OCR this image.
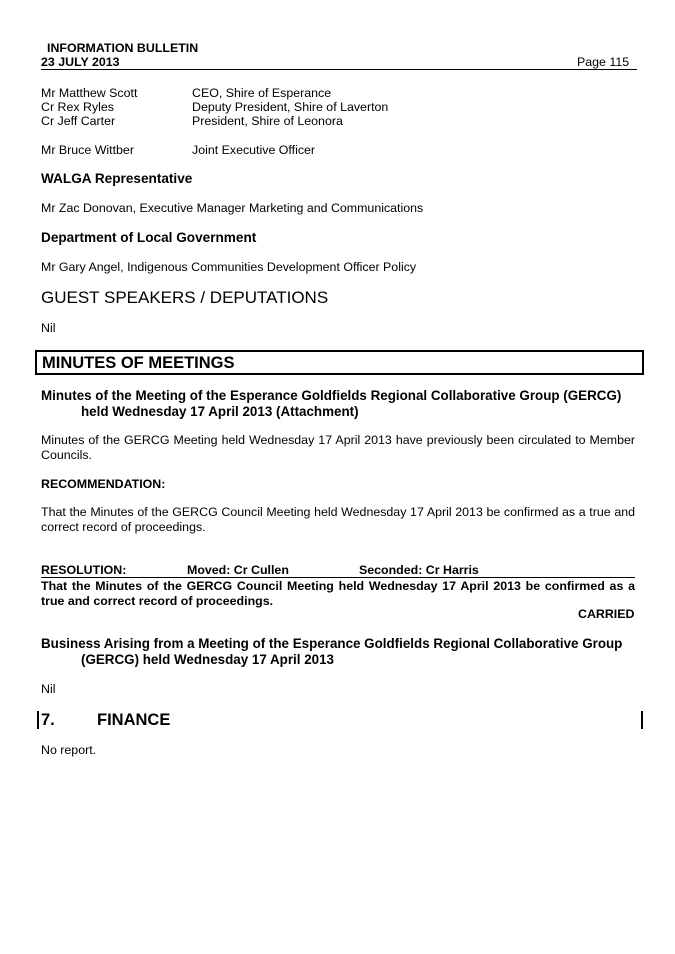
INFORMATION BULLETIN
23 JULY 2013	Page 115
Mr Matthew Scott	CEO, Shire of Esperance
Cr Rex Ryles	Deputy President, Shire of Laverton
Cr Jeff Carter	President, Shire of Leonora
Mr Bruce Wittber	Joint Executive Officer
WALGA Representative
Mr Zac Donovan, Executive Manager Marketing and Communications
Department of Local Government
Mr Gary Angel, Indigenous Communities Development Officer Policy
GUEST SPEAKERS / DEPUTATIONS
Nil
MINUTES OF MEETINGS
Minutes of the Meeting of the Esperance Goldfields Regional Collaborative Group (GERCG)
held Wednesday 17 April 2013 (Attachment)
Minutes of the GERCG Meeting held Wednesday 17 April 2013 have previously been circulated to Member Councils.
RECOMMENDATION:
That the Minutes of the GERCG Council Meeting held Wednesday 17 April 2013 be confirmed as a true and correct record of proceedings.
RESOLUTION:	Moved: Cr Cullen	Seconded: Cr Harris
That the Minutes of the GERCG Council Meeting held Wednesday 17 April 2013 be confirmed as a true and correct record of proceedings.
CARRIED
Business Arising from a Meeting of the Esperance Goldfields Regional Collaborative Group
(GERCG) held Wednesday 17 April 2013
Nil
7.	FINANCE
No report.
